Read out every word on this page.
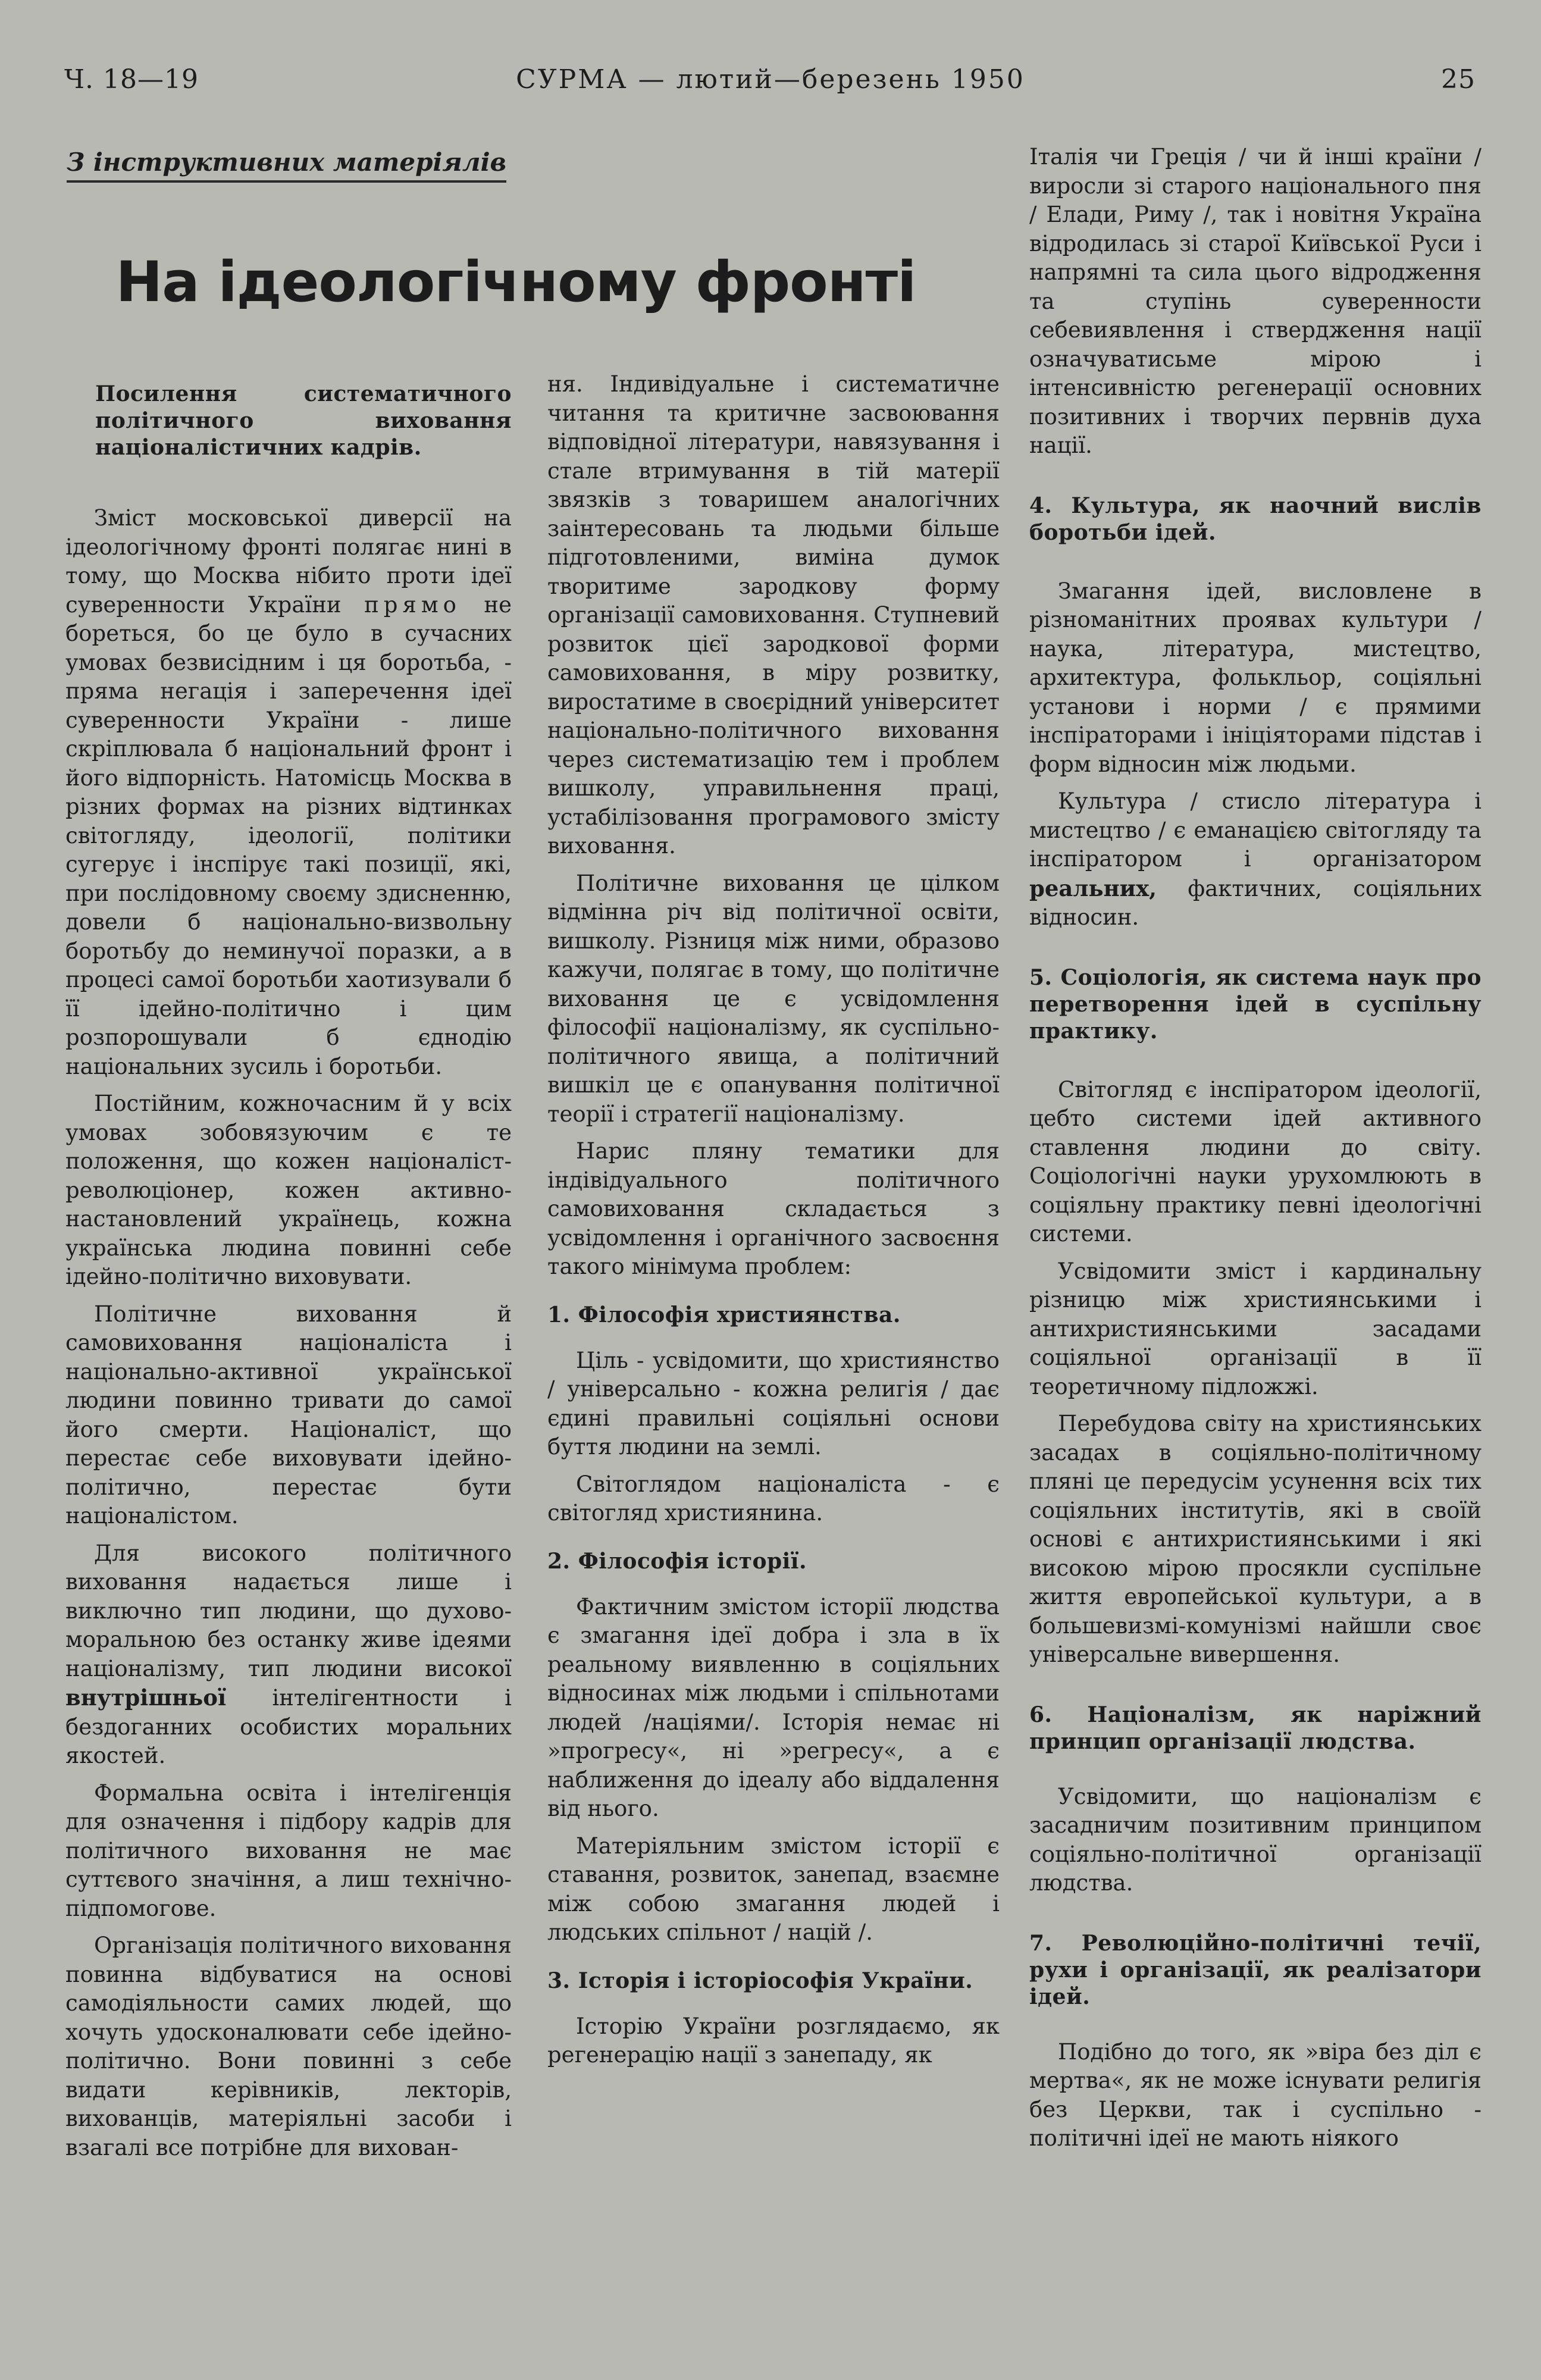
Ч. 18—19	СУРМА — лютий—березень 1950	25
З інструктивних матеріялів
На ідеологічному фронті
Посилення систематичного політичного виховання націоналістичних кадрів.

Зміст московської диверсії на ідеологічному фронті полягає нині в тому, що Москва нібито проти ідеї суверенности України прямо не бореться, бо це було в сучасних умовах безвисідним і ця боротьба, - пряма негація і заперечення ідеї суверенности України - лише скріплювала б націонaльний фронт і його відпорність. Натомісць Москва в різних формах на різних відтинках світогляду, ідеології, політики сугерує і інспірує такі позиції, які, при послідовному своєму здисненню, довели б національно-визвольну боротьбу до неминучої поразки, а в процесі самої боротьби хаотизували б її ідейно-політично і цим розпорошували б єднодію національних зусиль і боротьби.

Постійним, кожночасним й у всіх умовах зобовязуючим є те положення, що кожен націоналіст-революціонер, кожен активно-настановлений українець, кожна українська людина повинні себе ідейно-політично виховувати.

Політичне виховання й самовиховання націоналіста і національно-активної української людини повинно тривати до самої його смерти. Націоналіст, що перестає себе виховувати ідейно-політично, перестає бути націоналістом.

Для високого політичного виховання надається лише і виключно тип людини, що духово-моральною без останку живе ідеями націоналізму, тип людини високої внутрішньої інтелігентности і бездоганних особистих моральних якостей.

Формальна освіта і інтелігенція для означення і підбору кадрів для політичного виховання не має суттєвого значіння, а лиш технічно-підпомогове.

Організація політичного виховання повинна відбуватися на основі самодіяльности самих людей, що хочуть удосконалювати себе ідейно-політично. Вони повинні з себе видати керівників, лекторів, вихованців, матеріяльні засоби і взагалі все потрібне для вихован-

ня. Індивідуальне і систематичне читання та критичне засвоювання відповідної літератури, навязування і стале втримування в тій матерії звязків з товаришем аналогічних заінтересовань та людьми більше підготовленими, виміна думок творитиме зародкову форму організації самовиховання. Ступневий розвиток цієї зародкової форми самовиховання, в міру розвитку, виростатиме в своєрідний університет національно-політичного виховання через систематизацію тем і проблем вишколу, управильнення праці, устабілізовання програмового змісту виховання.

Політичне виховання це цілком відмінна річ від політичної освіти, вишколу. Різниця між ними, образово кажучи, полягає в тому, що політичне виховання це є усвідомлення філософії націоналізму, як суспільно-політичного явища, а політичний вишкіл це є опанування політичної теорії і стратегії націоналізму.

Нарис пляну тематики для індівідуального політичного самовиховання складається з усвідомлення і органічного засвоєння такого мінімума проблем:

1. Філософія християнства.

Ціль - усвідомити, що християнство / універсально - кожна религія / дає єдині правильні соціяльні основи буття людини на землі.

Світоглядом націоналіста - є світогляд християнина.

2. Філософія історії.

Фактичним змістом історії людства є змагання ідеї добра і зла в їх реальному виявленню в соціяльних відносинах між людьми і спільнотами людей /націями/. Історія немає ні »прогресу«, ні »регресу«, а є наближення до ідеалу або віддалення від нього.

Матеріяльним змістом історії є ставання, розвиток, занепад, взаємне між собою змагання людей і людських спільнот / націй /.

3. Історія і історіософія України.

Історію України розглядаємо, як регенерацію нації з занепаду, як

Італія чи Греція / чи й інші країни / виросли зі старого національного пня / Елади, Риму /, так і новітня Україна відродилась зі старої Київської Руси і напрямні та сила цього відродження та ступінь суверенности себевиявлення і ствердження нації означуватисьме мірою і інтенсивністю регенерації основних позитивних і творчих первнів духа нації.

4. Культура, як наочний вислів боротьби ідей.

Змагання ідей, висловлене в різноманітних проявах культури / наука, література, мистецтво, архитектура, фолькльор, соціяльні установи і норми / є прямими інспіраторами і ініціяторами підстав і форм відносин між людьми.

Культура / стисло література і мистецтво / є еманацією світогляду та інспіратором і організатором реальних, фактичних, соціяльних відносин.

5. Соціологія, як система наук про перетворення ідей в суспільну практику.

Світогляд є інспіратором ідеології, цебто системи ідей активного ставлення людини до світу. Соціологічні науки урухомлюють в соціяльну практику певні ідеологічні системи.

Усвідомити зміст і кардинальну різницю між християнськими і антихристиянськими засадами соціяльної організації в її теоретичному підложжі.

Перебудова світу на християнських засадах в соціяльно-політичному пляні це передусім усунення всіх тих соціяльних інститутів, які в своїй основі є антихристиянськими і які високою мірою просякли суспільне життя европейської культури, а в большевизмі-комунізмі найшли своє універсальне вивершення.

6. Націоналізм, як наріжний принцип організації людства.

Усвідомити, що націоналізм є засадничим позитивним принципом соціяльно-політичної організації людства.

7. Революційно-політичні течії, рухи і організації, як реалізатори ідей.

Подібно до того, як »віра без діл є мертва«, як не може існувати религія без Церкви, так і суспільно - політичні ідеї не мають ніякого
